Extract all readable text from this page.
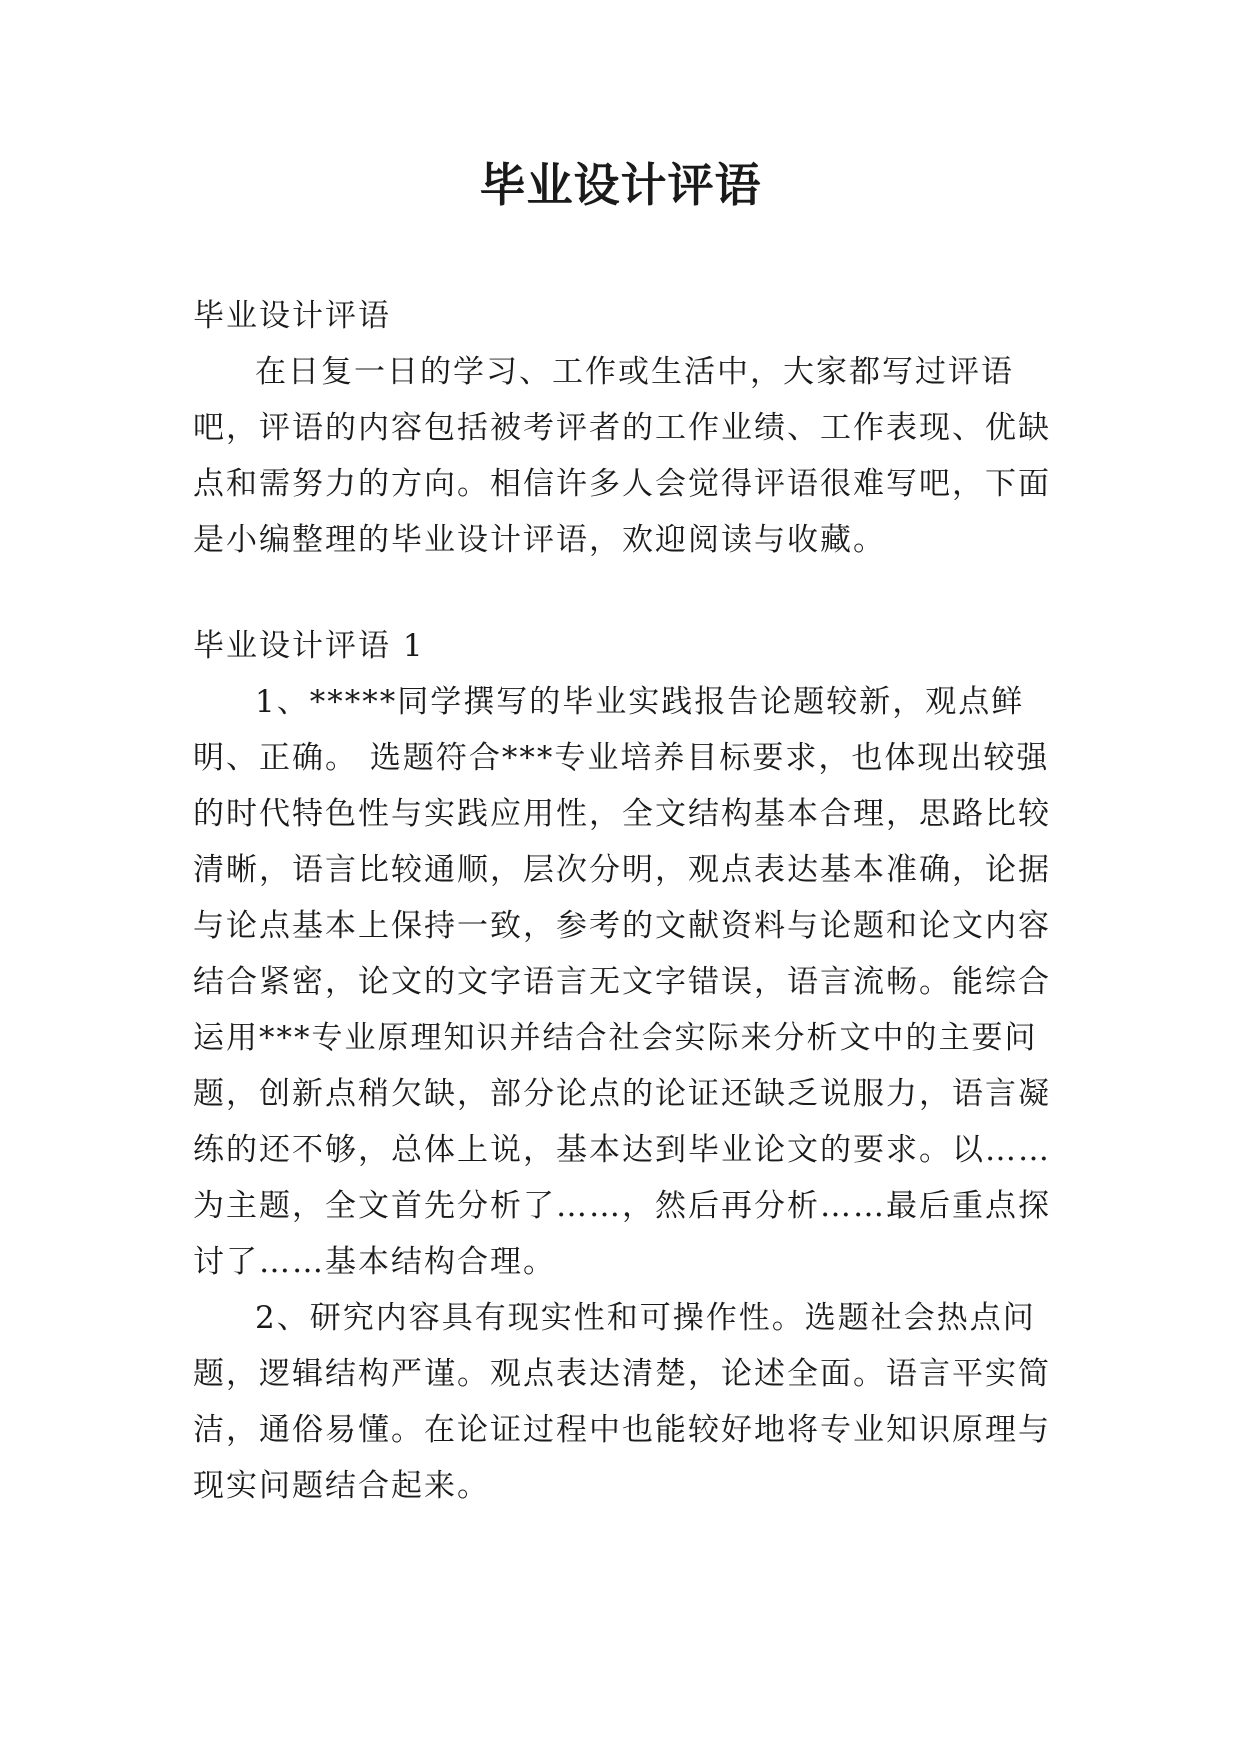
毕业设计评语

毕业设计评语

在日复一日的学习、工作或生活中，大家都写过评语吧，评语的内容包括被考评者的工作业绩、工作表现、优缺点和需努力的方向。相信许多人会觉得评语很难写吧，下面是小编整理的毕业设计评语，欢迎阅读与收藏。

毕业设计评语 1

1、*****同学撰写的毕业实践报告论题较新，观点鲜明、正确。 选题符合***专业培养目标要求，也体现出较强的时代特色性与实践应用性，全文结构基本合理，思路比较清晰，语言比较通顺，层次分明，观点表达基本准确，论据与论点基本上保持一致，参考的文献资料与论题和论文内容结合紧密，论文的文字语言无文字错误，语言流畅。能综合运用***专业原理知识并结合社会实际来分析文中的主要问题，创新点稍欠缺，部分论点的论证还缺乏说服力，语言凝练的还不够，总体上说，基本达到毕业论文的要求。以……为主题，全文首先分析了……，然后再分析……最后重点探讨了……基本结构合理。

2、研究内容具有现实性和可操作性。选题社会热点问题，逻辑结构严谨。观点表达清楚，论述全面。语言平实简洁，通俗易懂。在论证过程中也能较好地将专业知识原理与现实问题结合起来。
